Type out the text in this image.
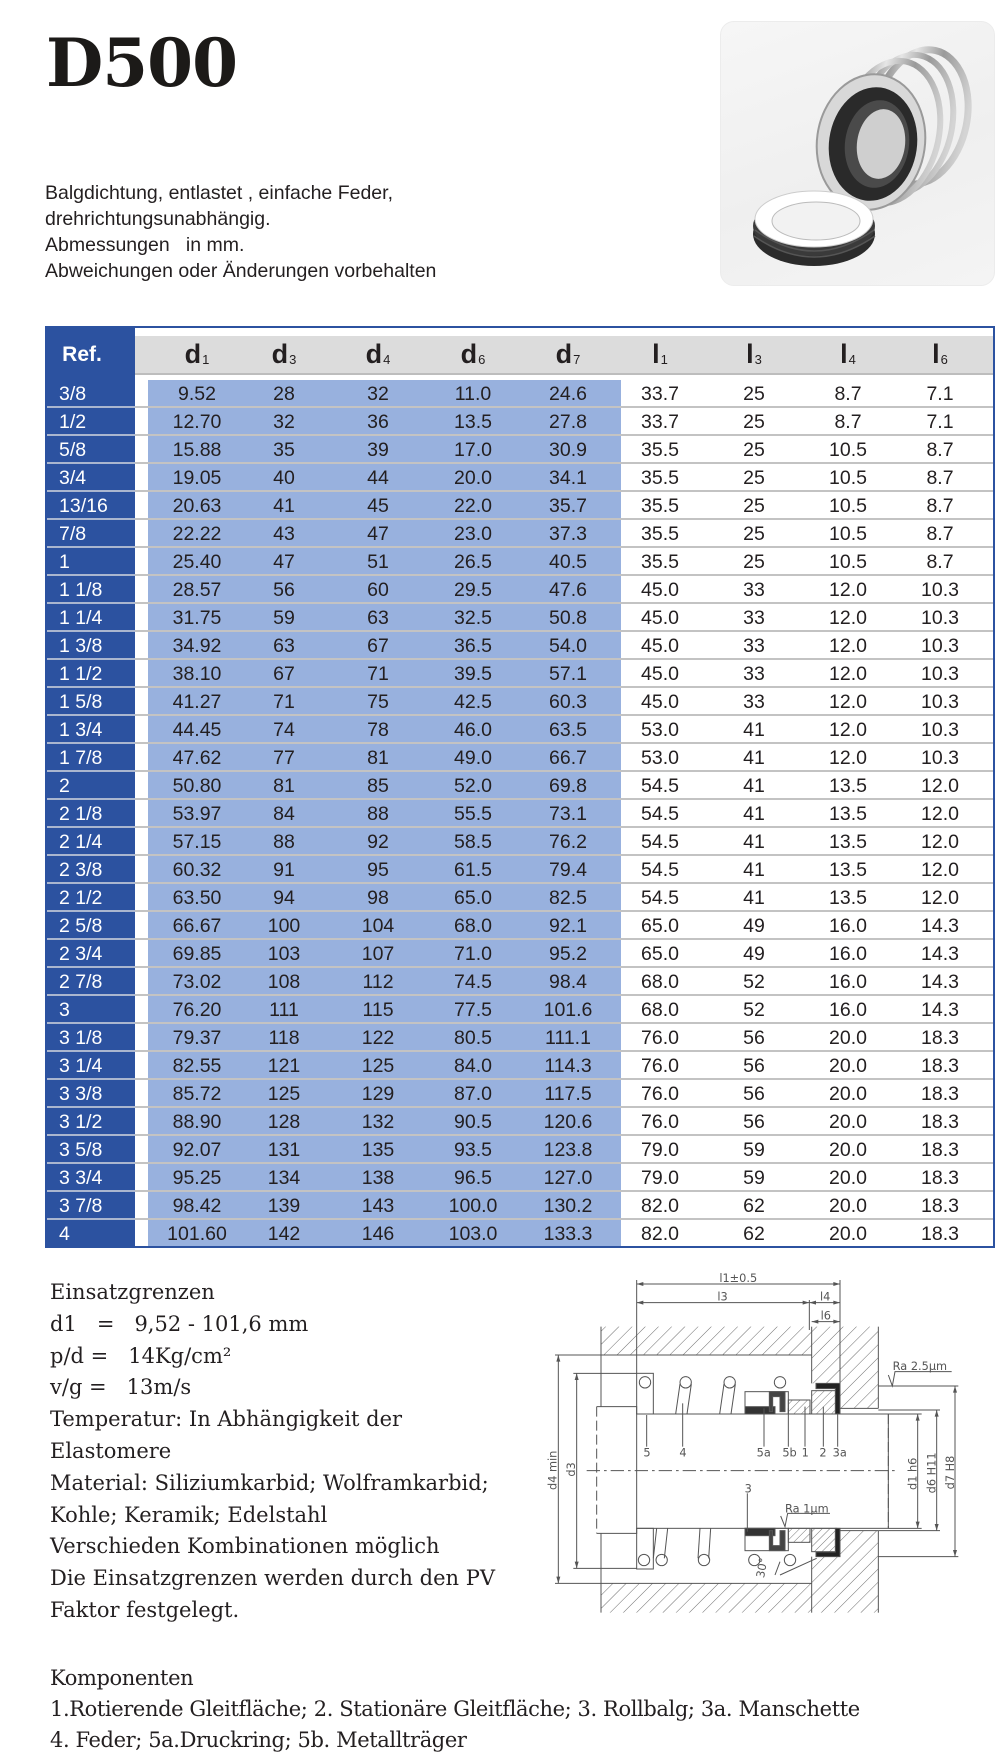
D500
Balgdichtung, entlastet , einfache Feder,
drehrichtungsunabhängig.
Abmessungen   in mm.
Abweichungen oder Änderungen vorbehalten
Ref.	$d_1$	$d_3$	$d_4$	$d_6$	$d_7$	$l_1$	$l_3$	$l_4$	$l_6$
3/8	9.52	28	32	11.0	24.6	33.7	25	8.7	7.1
1/2	12.70	32	36	13.5	27.8	33.7	25	8.7	7.1
5/8	15.88	35	39	17.0	30.9	35.5	25	10.5	8.7
3/4	19.05	40	44	20.0	34.1	35.5	25	10.5	8.7
13/16	20.63	41	45	22.0	35.7	35.5	25	10.5	8.7
7/8	22.22	43	47	23.0	37.3	35.5	25	10.5	8.7
1	25.40	47	51	26.5	40.5	35.5	25	10.5	8.7
1 1/8	28.57	56	60	29.5	47.6	45.0	33	12.0	10.3
1 1/4	31.75	59	63	32.5	50.8	45.0	33	12.0	10.3
1 3/8	34.92	63	67	36.5	54.0	45.0	33	12.0	10.3
1 1/2	38.10	67	71	39.5	57.1	45.0	33	12.0	10.3
1 5/8	41.27	71	75	42.5	60.3	45.0	33	12.0	10.3
1 3/4	44.45	74	78	46.0	63.5	53.0	41	12.0	10.3
1 7/8	47.62	77	81	49.0	66.7	53.0	41	12.0	10.3
2	50.80	81	85	52.0	69.8	54.5	41	13.5	12.0
2 1/8	53.97	84	88	55.5	73.1	54.5	41	13.5	12.0
2 1/4	57.15	88	92	58.5	76.2	54.5	41	13.5	12.0
2 3/8	60.32	91	95	61.5	79.4	54.5	41	13.5	12.0
2 1/2	63.50	94	98	65.0	82.5	54.5	41	13.5	12.0
2 5/8	66.67	100	104	68.0	92.1	65.0	49	16.0	14.3
2 3/4	69.85	103	107	71.0	95.2	65.0	49	16.0	14.3
2 7/8	73.02	108	112	74.5	98.4	68.0	52	16.0	14.3
3	76.20	111	115	77.5	101.6	68.0	52	16.0	14.3
3 1/8	79.37	118	122	80.5	111.1	76.0	56	20.0	18.3
3 1/4	82.55	121	125	84.0	114.3	76.0	56	20.0	18.3
3 3/8	85.72	125	129	87.0	117.5	76.0	56	20.0	18.3
3 1/2	88.90	128	132	90.5	120.6	76.0	56	20.0	18.3
3 5/8	92.07	131	135	93.5	123.8	79.0	59	20.0	18.3
3 3/4	95.25	134	138	96.5	127.0	79.0	59	20.0	18.3
3 7/8	98.42	139	143	100.0	130.2	82.0	62	20.0	18.3
4	101.60	142	146	103.0	133.3	82.0	62	20.0	18.3
Einsatzgrenzen
d1   =   9,52 - 101,6 mm
p/d =   14Kg/cm²
v/g =   13m/s
Temperatur: In Abhängigkeit der
Elastomere
Material: Siliziumkarbid; Wolframkarbid;
Kohle; Keramik; Edelstahl
Verschieden Kombinationen möglich
Die Einsatzgrenzen werden durch den PV
Faktor festgelegt.
Komponenten
1.Rotierende Gleitfläche; 2. Stationäre Gleitfläche; 3. Rollbalg; 3a. Manschette
4. Feder; 5a.Druckring; 5b. Metallträger
l1±0.5
l3	l4
l6
Ra 2.5µm
Ra 1µm
5 4 5a 5b 1 2 3a
3
30°
d4 min d3	d1 h6 d6 H11 d7 H8
